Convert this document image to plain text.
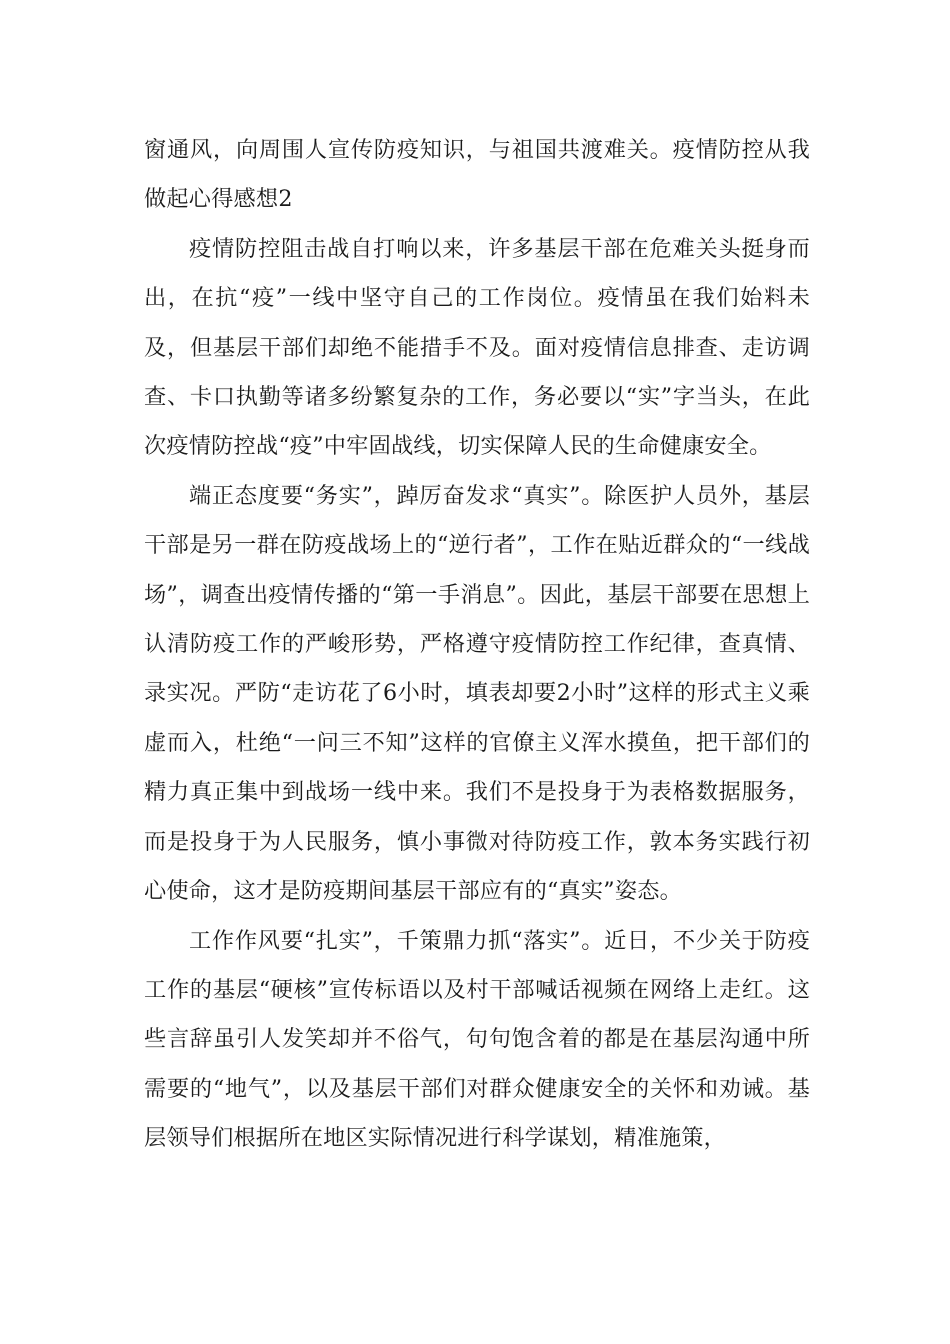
窗通风，向周围人宣传防疫知识，与祖国共渡难关。疫情防控从我做起心得感想2

疫情防控阻击战自打响以来，许多基层干部在危难关头挺身而出，在抗“疫”一线中坚守自己的工作岗位。疫情虽在我们始料未及，但基层干部们却绝不能措手不及。面对疫情信息排查、走访调查、卡口执勤等诸多纷繁复杂的工作，务必要以“实”字当头，在此次疫情防控战“疫”中牢固战线，切实保障人民的生命健康安全。

端正态度要“务实”，踔厉奋发求“真实”。除医护人员外，基层干部是另一群在防疫战场上的“逆行者”，工作在贴近群众的“一线战场”，调查出疫情传播的“第一手消息”。因此，基层干部要在思想上认清防疫工作的严峻形势，严格遵守疫情防控工作纪律，查真情、录实况。严防“走访花了6小时，填表却要2小时”这样的形式主义乘虚而入，杜绝“一问三不知”这样的官僚主义浑水摸鱼，把干部们的精力真正集中到战场一线中来。我们不是投身于为表格数据服务，而是投身于为人民服务，慎小事微对待防疫工作，敦本务实践行初心使命，这才是防疫期间基层干部应有的“真实”姿态。

工作作风要“扎实”，千策鼎力抓“落实”。近日，不少关于防疫工作的基层“硬核”宣传标语以及村干部喊话视频在网络上走红。这些言辞虽引人发笑却并不俗气，句句饱含着的都是在基层沟通中所需要的“地气”，以及基层干部们对群众健康安全的关怀和劝诫。基层领导们根据所在地区实际情况进行科学谋划，精准施策，
